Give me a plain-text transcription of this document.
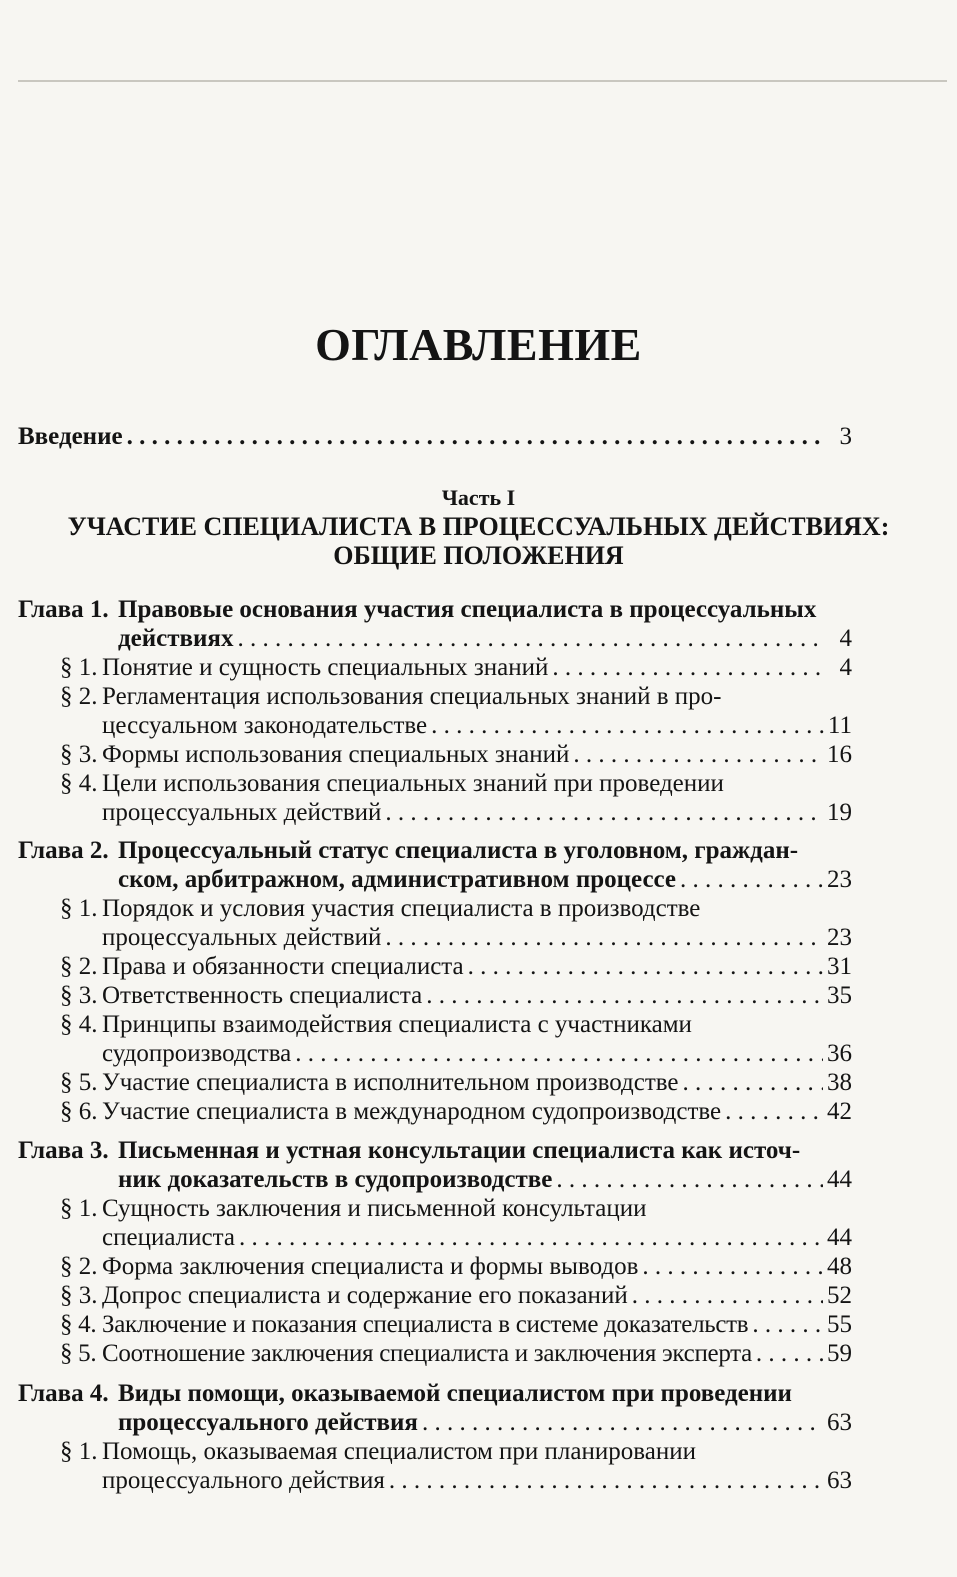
ОГЛАВЛЕНИЕ
Введение . . .	3
Часть I
УЧАСТИЕ СПЕЦИАЛИСТА В ПРОЦЕССУАЛЬНЫХ ДЕЙСТВИЯХ:
ОБЩИЕ ПОЛОЖЕНИЯ
Глава 1. Правовые основания участия специалиста в процессуальных
действиях . . .	4
§ 1. Понятие и сущность специальных знаний . . .	4
§ 2. Регламентация использования специальных знаний в про-
цессуальном законодательстве . . .	11
§ 3. Формы использования специальных знаний . . .	16
§ 4. Цели использования специальных знаний при проведении
процессуальных действий . . .	19
Глава 2. Процессуальный статус специалиста в уголовном, граждан-
ском, арбитражном, административном процессе . . .	23
§ 1. Порядок и условия участия специалиста в производстве
процессуальных действий . . .	23
§ 2. Права и обязанности специалиста . . .	31
§ 3. Ответственность специалиста . . .	35
§ 4. Принципы взаимодействия специалиста с участниками
судопроизводства . . .	36
§ 5. Участие специалиста в исполнительном производстве . . .	38
§ 6. Участие специалиста в международном судопроизводстве . . .	42
Глава 3. Письменная и устная консультации специалиста как источ-
ник доказательств в судопроизводстве . . .	44
§ 1. Сущность заключения и письменной консультации
специалиста . . .	44
§ 2. Форма заключения специалиста и формы выводов . . .	48
§ 3. Допрос специалиста и содержание его показаний . . .	52
§ 4. Заключение и показания специалиста в системе доказательств . . .	55
§ 5. Соотношение заключения специалиста и заключения эксперта . . .	59
Глава 4. Виды помощи, оказываемой специалистом при проведении
процессуального действия . . .	63
§ 1. Помощь, оказываемая специалистом при планировании
процессуального действия . . .	63
